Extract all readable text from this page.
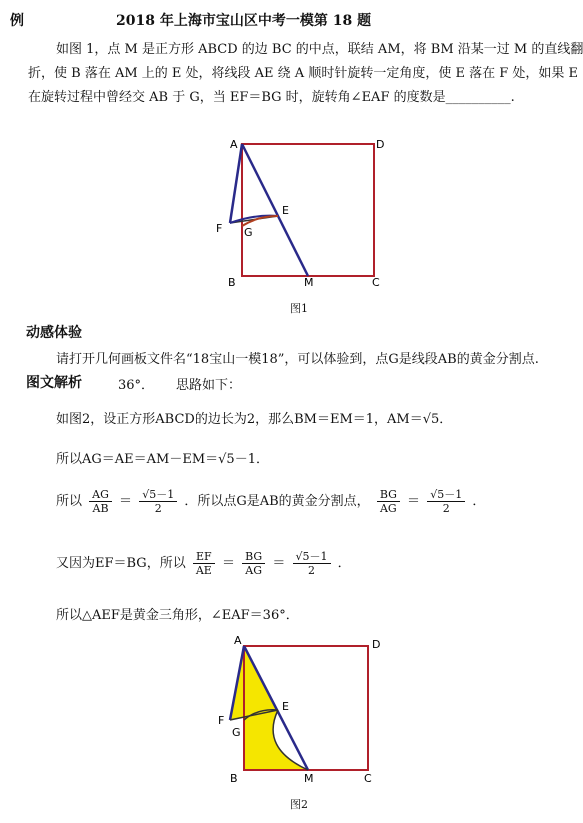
例	2018 年上海市宝山区中考一模第 18 题
如图 1，点 M 是正方形 ABCD 的边 BC 的中点，联结 AM，将 BM 沿某一过 M 的直线翻
折，使 B 落在 AM 上的 E 处，将线段 AE 绕 A 顺时针旋转一定角度，使 E 落在 F 处，如果 E
在旋转过程中曾经交 AB 于 G，当 EF＝BG 时，旋转角∠EAF 的度数是__________.
A	D
B	C
M
E
F G
图1
动感体验
请打开几何画板文件名“18宝山一模18”，可以体验到，点G是线段AB的黄金分割点.
图文解析	36°． 思路如下：
如图2，设正方形ABCD的边长为2，那么BM＝EM＝1，AM＝√5．
所以AG＝AE＝AM－EM＝√5－1．
所以 $\frac{AG}{AB} = \frac{√5-1}{2}$ ．所以点G是AB的黄金分割点， $\frac{BG}{AG} = \frac{√5-1}{2}$ ．
又因为EF＝BG，所以 $\frac{EF}{AE} = \frac{BG}{AG} = \frac{√5-1}{2}$ ．
所以△AEF是黄金三角形，∠EAF＝36°．
A	D
B	C
M
E
F
G
图2
